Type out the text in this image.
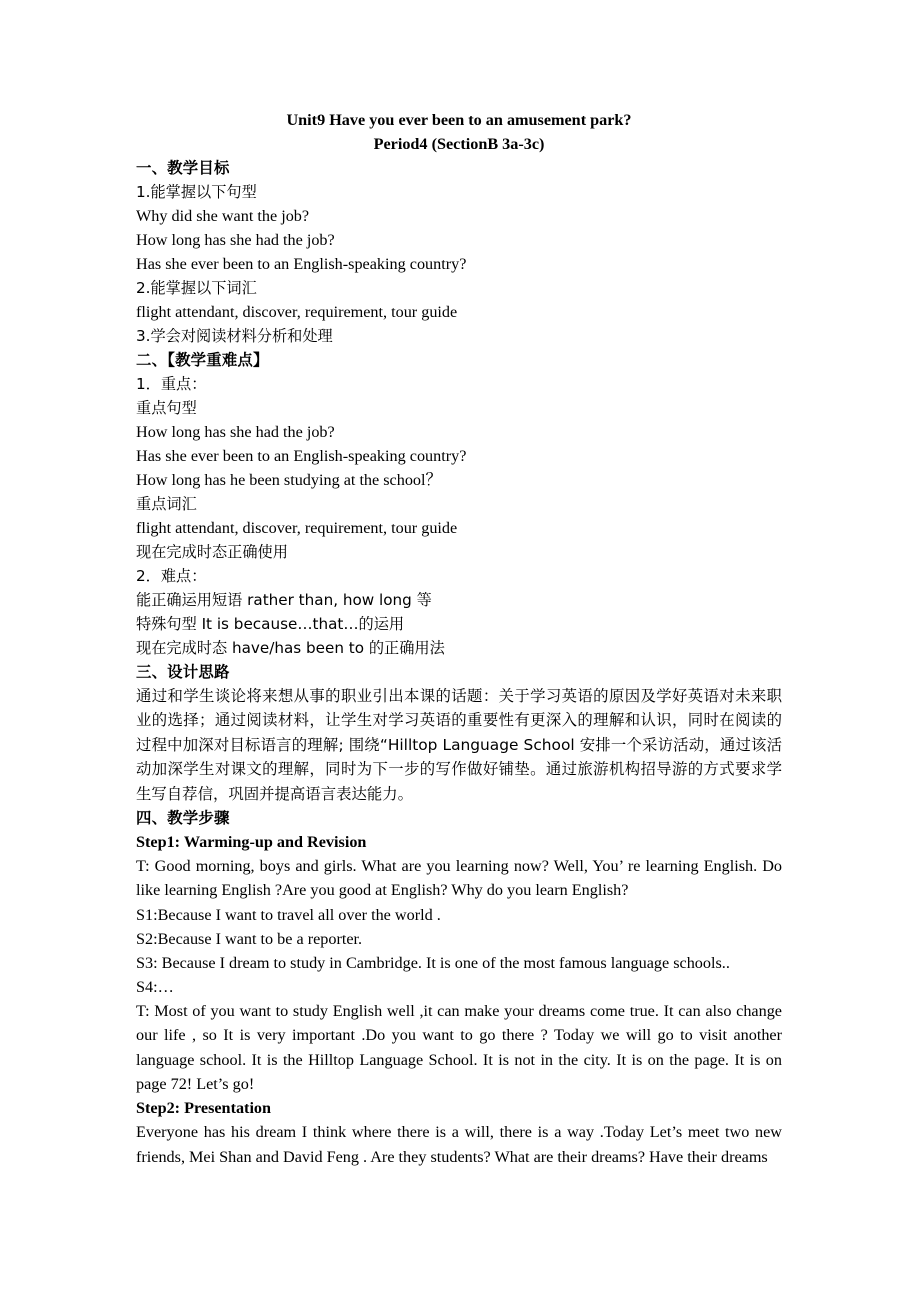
Unit9 Have you ever been to an amusement park?
Period4 (SectionB 3a-3c)
一、教学目标
1.能掌握以下句型
Why did she want the job?
How long has she had the job?
Has she ever been to an English-speaking country?
2.能掌握以下词汇
flight attendant, discover, requirement, tour guide
3.学会对阅读材料分析和处理
二、【教学重难点】
1．重点：
重点句型
How long has she had the job?
Has she ever been to an English-speaking country?
How long has he been studying at the school？
重点词汇
flight attendant, discover, requirement, tour guide
现在完成时态正确使用
2．难点：
能正确运用短语 rather than, how long 等
特殊句型 It is because…that…的运用
现在完成时态 have/has been to 的正确用法
三、设计思路
通过和学生谈论将来想从事的职业引出本课的话题：关于学习英语的原因及学好英语对未来职业的选择；通过阅读材料，让学生对学习英语的重要性有更深入的理解和认识，同时在阅读的过程中加深对目标语言的理解; 围绕“Hilltop Language School 安排一个采访活动，通过该活动加深学生对课文的理解，同时为下一步的写作做好铺垫。通过旅游机构招导游的方式要求学生写自荐信，巩固并提高语言表达能力。
四、教学步骤
Step1: Warming-up and Revision
T: Good morning, boys and girls. What are you learning now? Well, You’ re learning English. Do like learning English ?Are you good at English? Why do you learn English?
S1:Because I want to travel all over the world .
S2:Because I want to be a reporter.
S3: Because I dream to study in Cambridge. It is one of the most famous language schools..
S4:…
T: Most of you want to study English well ,it can make your dreams come true. It can also change our life , so It is very important .Do you want to go there ? Today we will go to visit another language school. It is the Hilltop Language School. It is not in the city. It is on the page. It is on page 72! Let’s go!
Step2: Presentation
Everyone has his dream I think where there is a will, there is a way .Today Let’s meet two new friends, Mei Shan and David Feng . Are they students? What are their dreams? Have their dreams
